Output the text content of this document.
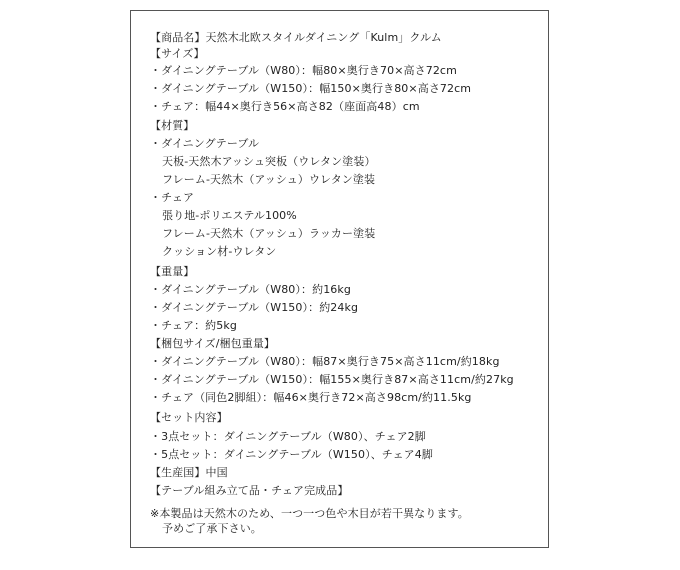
【商品名】天然木北欧スタイルダイニング「Kulm」クルム
【サイズ】
・ダイニングテーブル（W80）：幅80×奥行き70×高さ72cm
・ダイニングテーブル（W150）：幅150×奥行き80×高さ72cm
・チェア：幅44×奥行き56×高さ82（座面高48）cm
【材質】
・ダイニングテーブル
天板-天然木アッシュ突板（ウレタン塗装）
フレーム-天然木（アッシュ）ウレタン塗装
・チェア
張り地-ポリエステル100%
フレーム-天然木（アッシュ）ラッカー塗装
クッション材-ウレタン
【重量】
・ダイニングテーブル（W80）：約16kg
・ダイニングテーブル（W150）：約24kg
・チェア：約5kg
【梱包サイズ/梱包重量】
・ダイニングテーブル（W80）：幅87×奥行き75×高さ11cm/約18kg
・ダイニングテーブル（W150）：幅155×奥行き87×高さ11cm/約27kg
・チェア（同色2脚組）：幅46×奥行き72×高さ98cm/約11.5kg
【セット内容】
・3点セット：ダイニングテーブル（W80）、チェア2脚
・5点セット：ダイニングテーブル（W150）、チェア4脚
【生産国】中国
【テーブル組み立て品・チェア完成品】
※本製品は天然木のため、一つ一つ色や木目が若干異なります。
予めご了承下さい。
